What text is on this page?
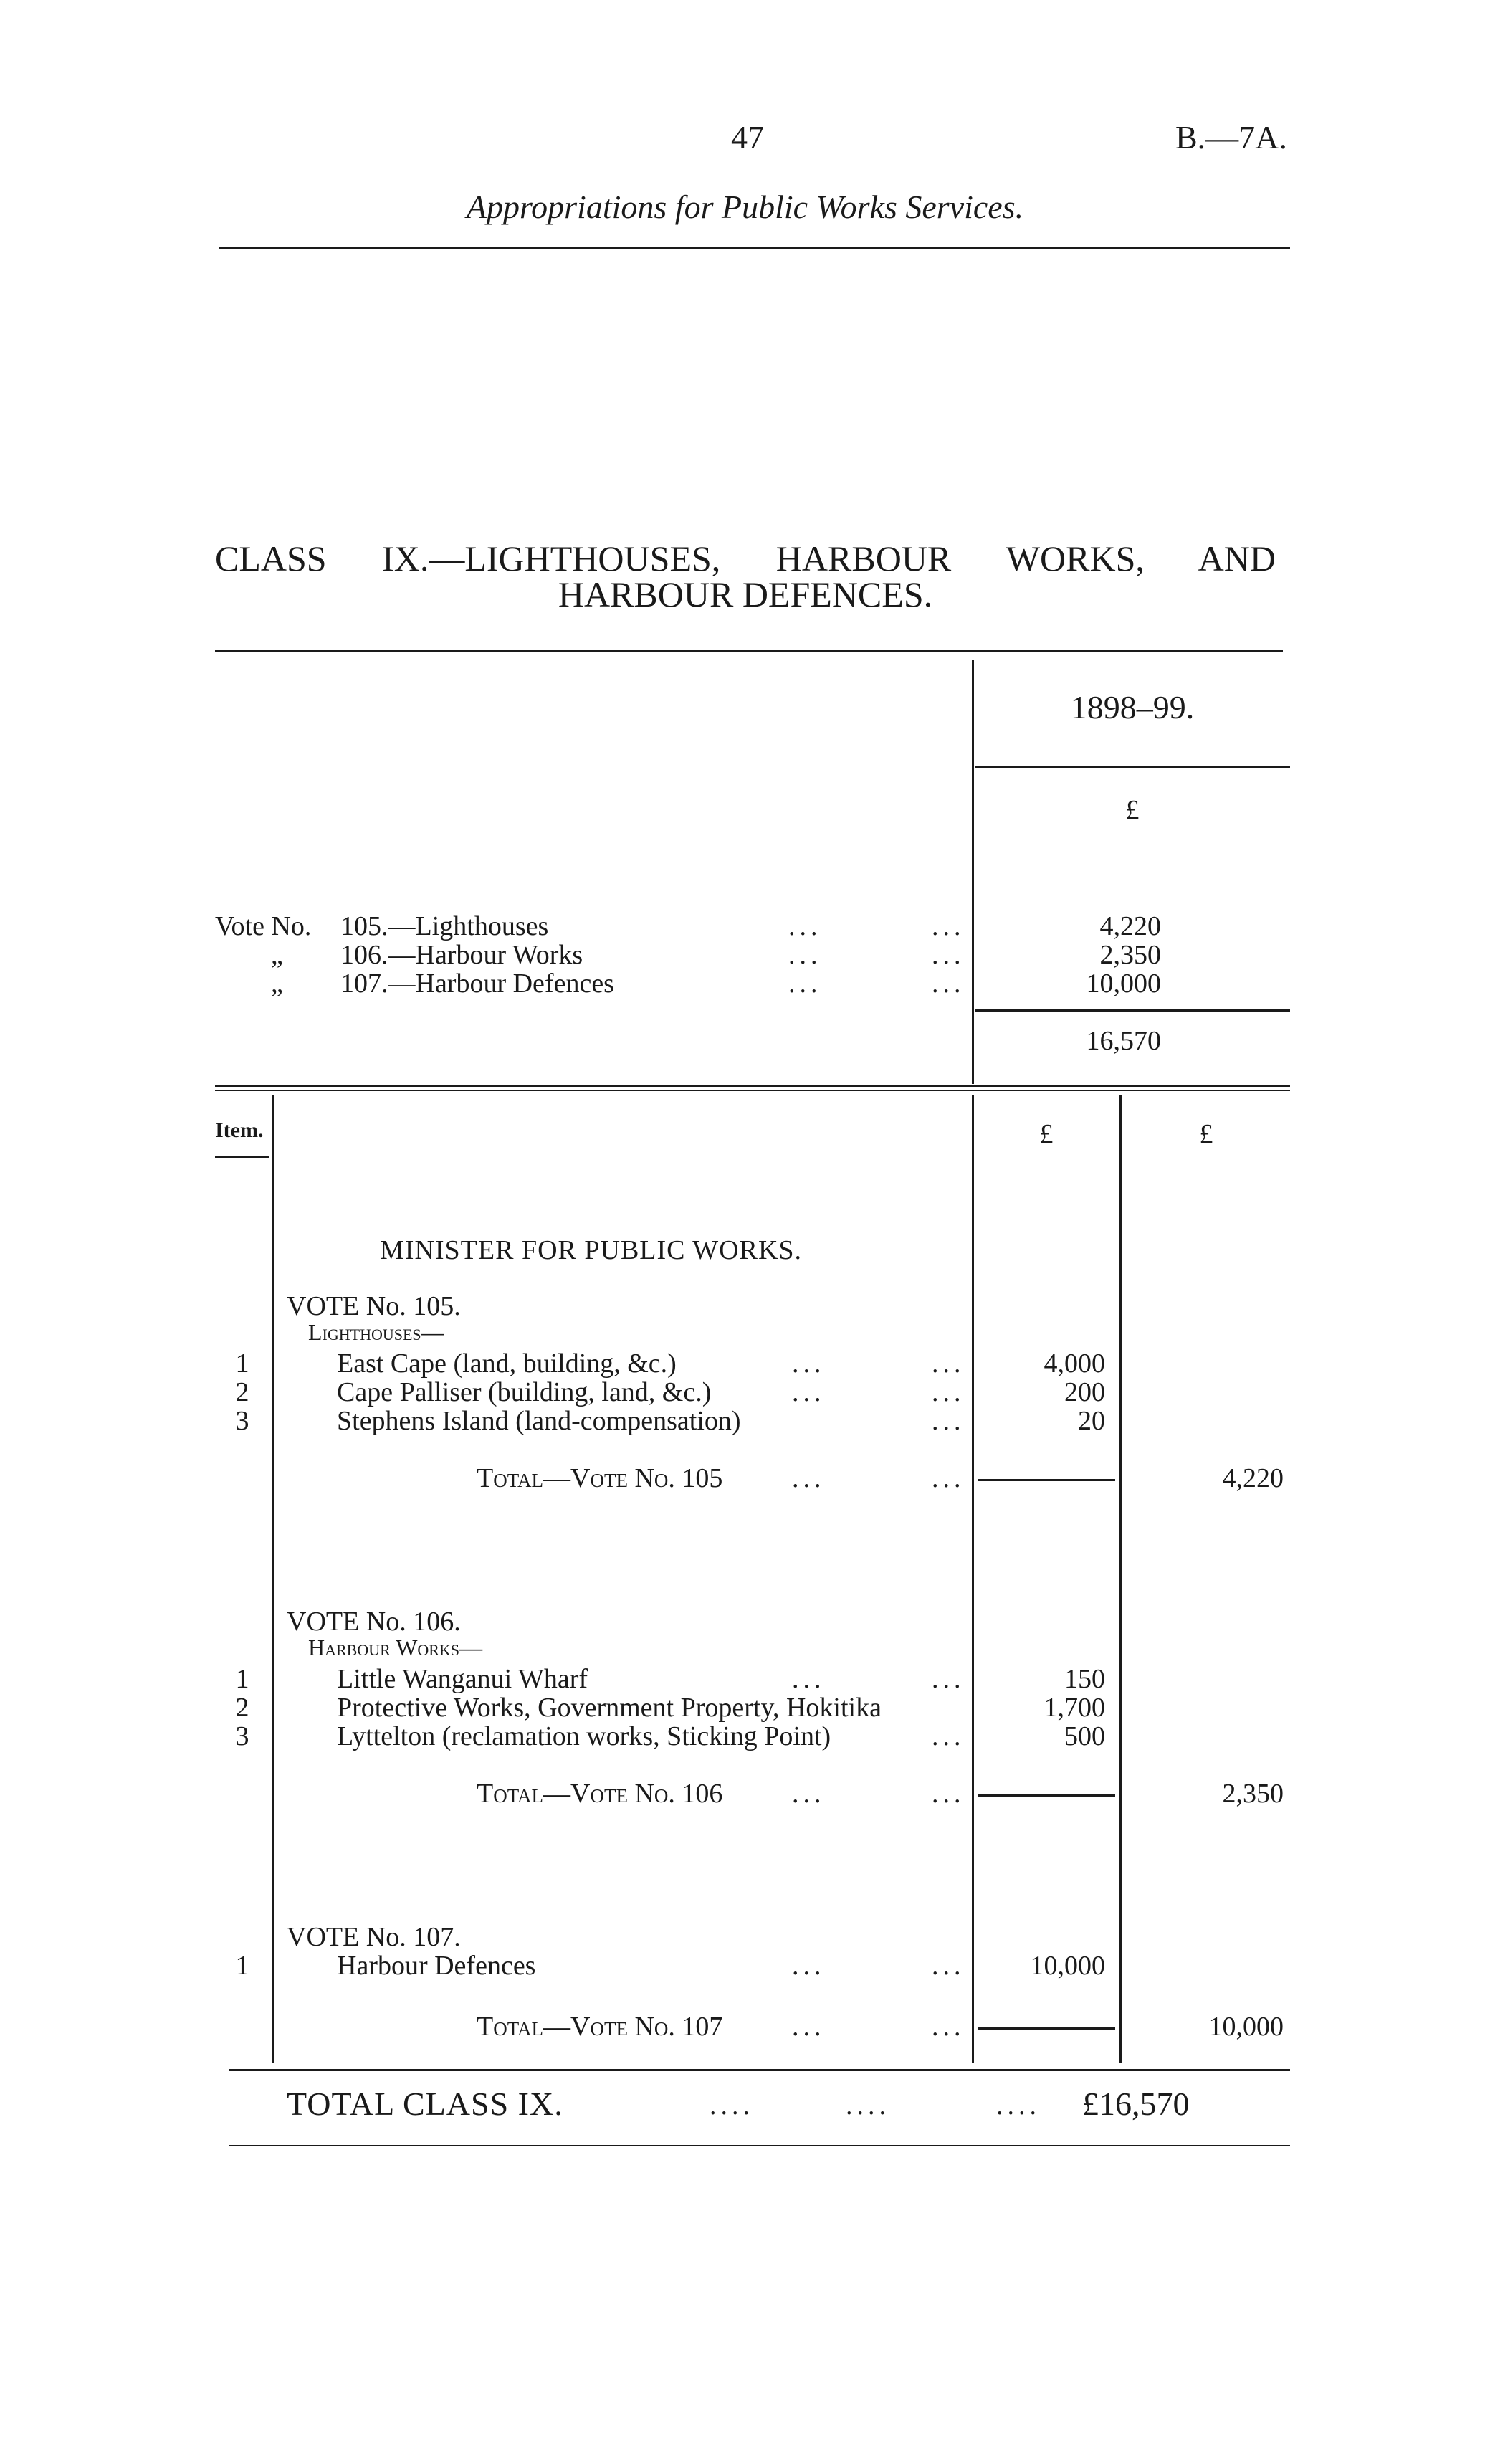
47	B.—7A.
Appropriations for Public Works Services.
CLASS IX.—LIGHTHOUSES, HARBOUR WORKS, AND
HARBOUR DEFENCES.
1898–99.
£
Vote No. 105.—Lighthouses	...	...	4,220
„ 106.—Harbour Works	...	...	2,350
„ 107.—Harbour Defences	...	...	10,000
16,570
Item.	£	£
MINISTER FOR PUBLIC WORKS.
VOTE No. 105.
Lighthouses—
1	East Cape (land, building, &c.)	...	...	4,000
2	Cape Palliser (building, land, &c.)	...	...	200
3	Stephens Island (land-compensation)	...	20
Total—Vote No. 105	...	...	4,220
VOTE No. 106.
Harbour Works—
1	Little Wanganui Wharf	...	...	150
2	Protective Works, Government Property, Hokitika	1,700
3	Lyttelton (reclamation works, Sticking Point)	...	500
Total—Vote No. 106	...	...	2,350
VOTE No. 107.
1	Harbour Defences	...	...	10,000
Total—Vote No. 107	...	...	10,000
TOTAL CLASS IX.	....	....	.... £16,570
